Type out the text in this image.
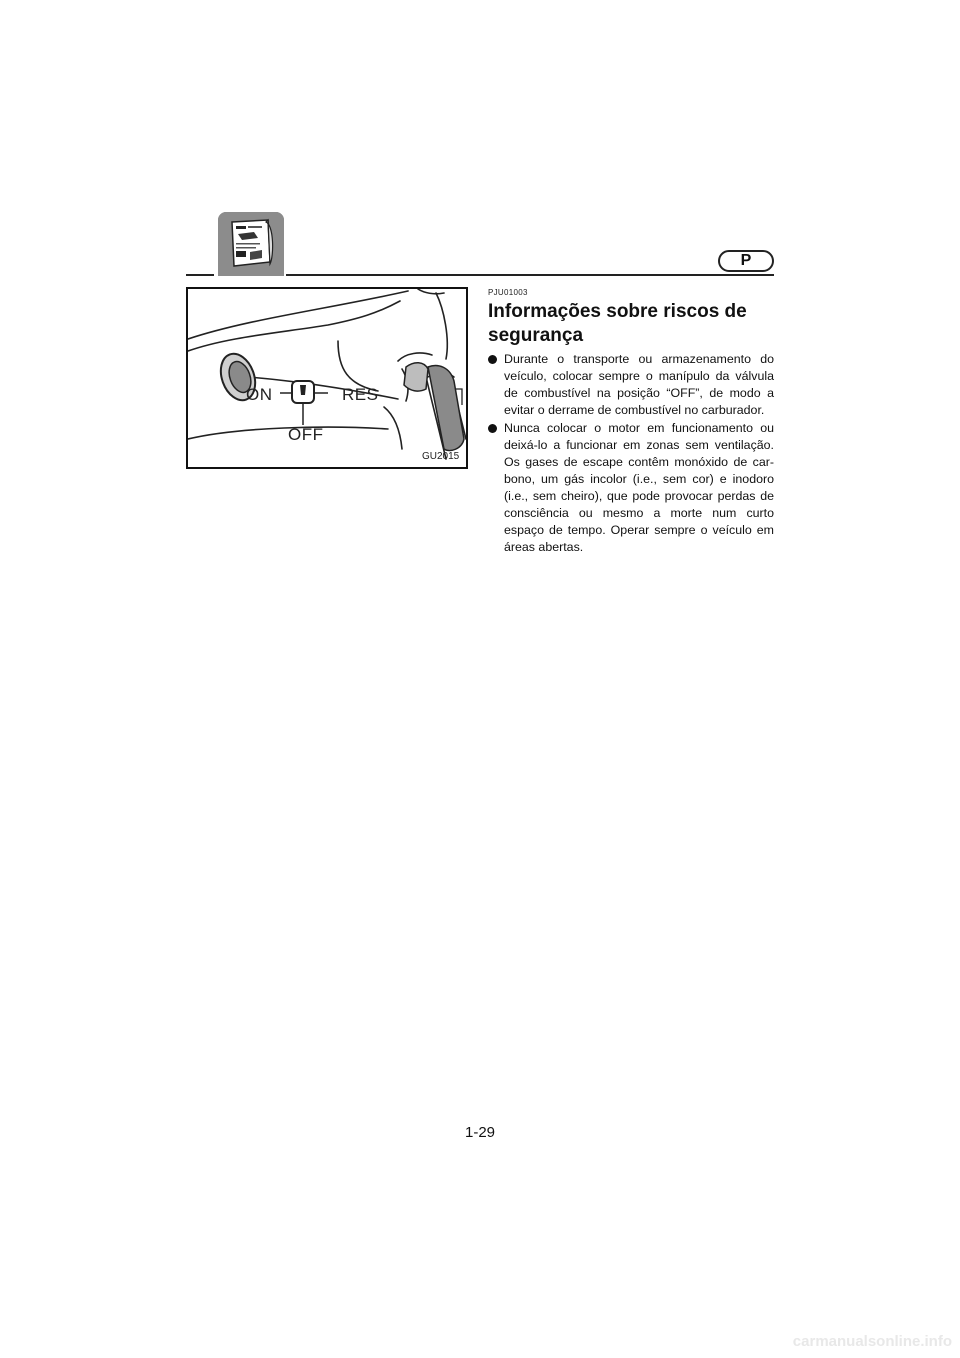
P
ON	RES
OFF
GU2015
PJU01003
Informações sobre riscos de segurança
Durante o transporte ou armazenamento do veículo, colocar sempre o manípulo da válvula de combustível na posição “OFF”, de modo a evitar o derrame de combustível no carburador.
Nunca colocar o motor em funcionamento ou deixá-lo a funcionar em zonas sem ventilação. Os gases de escape contêm monóxido de car-bono, um gás incolor (i.e., sem cor) e inodoro (i.e., sem cheiro), que pode provocar perdas de consciência ou mesmo a morte num curto espaço de tempo. Operar sempre o veículo em áreas abertas.
1-29
carmanualsonline.info
